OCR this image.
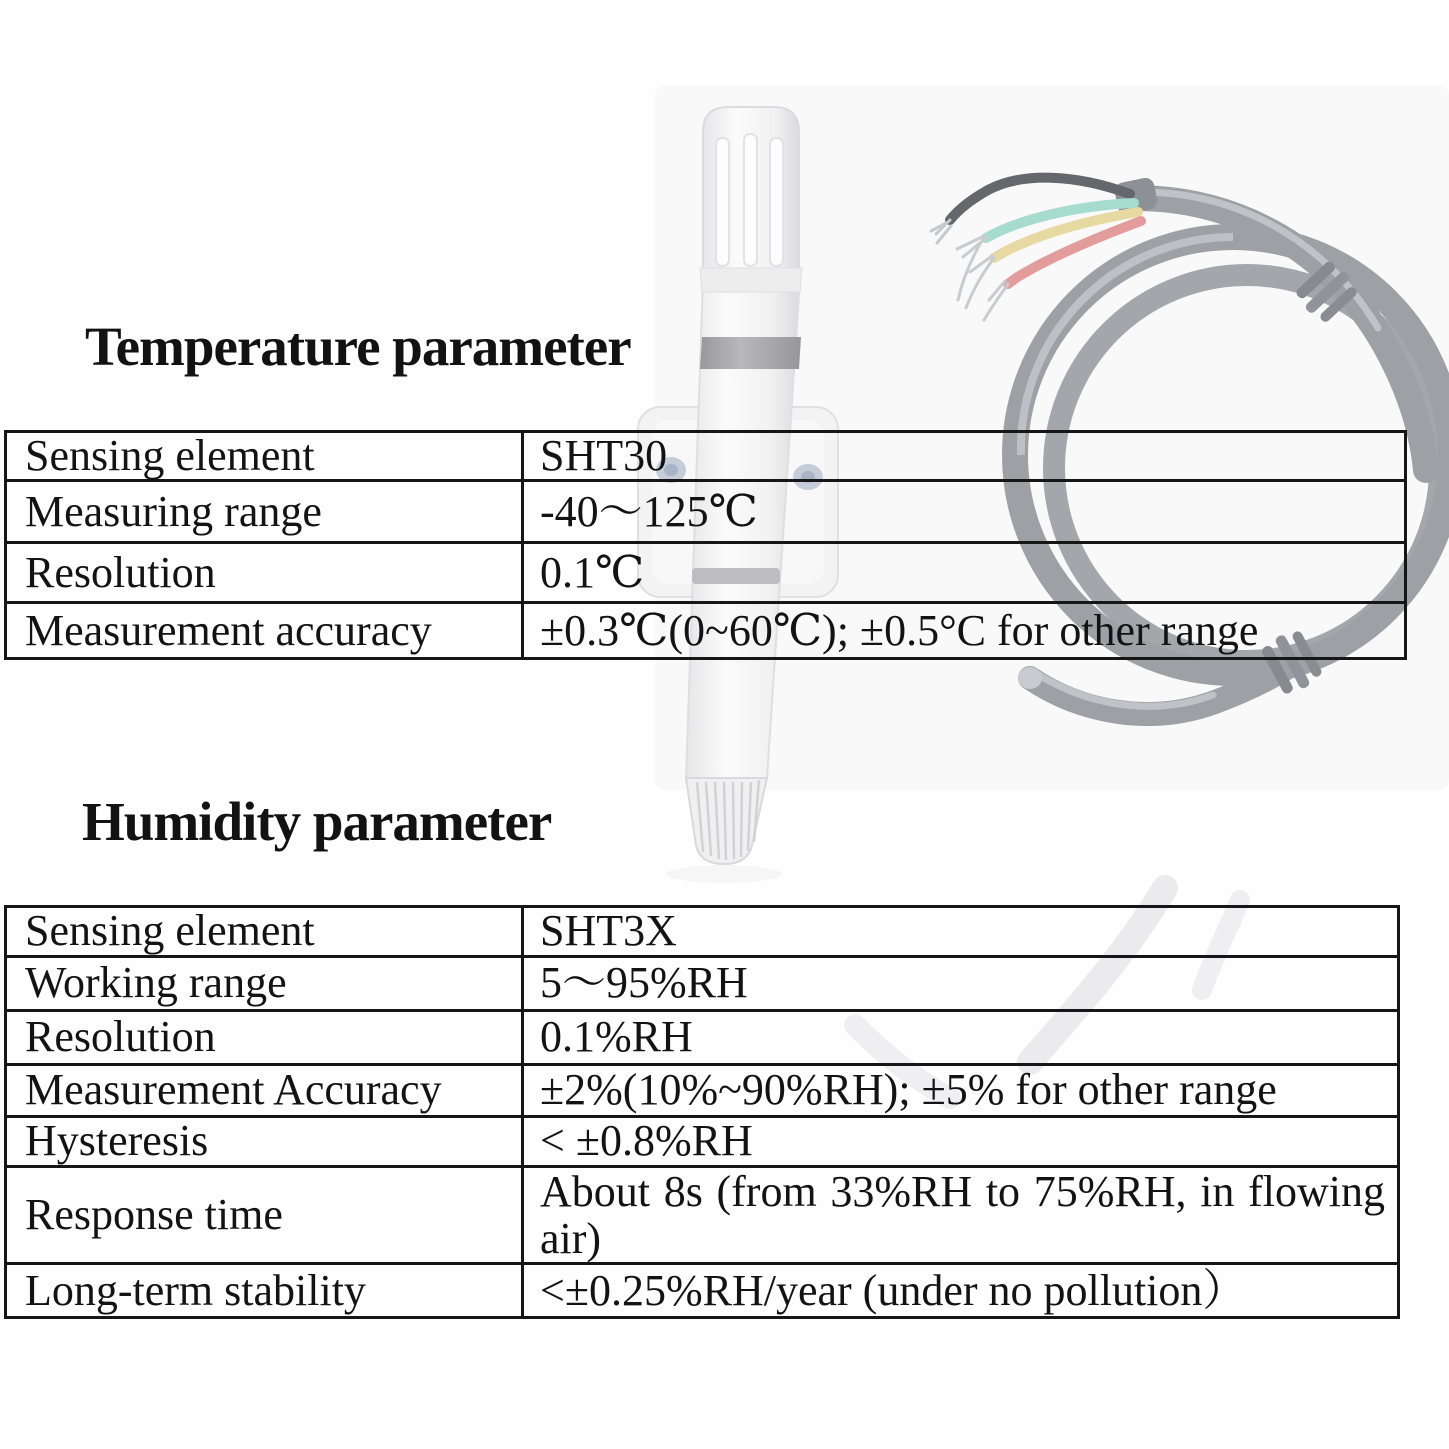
Temperature parameter
Humidity parameter
Sensing element	SHT30
Measuring range	-40～125℃
Resolution	0.1℃
Measurement accuracy	±0.3℃(0~60℃); ±0.5°C for other range
Sensing element	SHT3X
Working range	5～95%RH
Resolution	0.1%RH
Measurement Accuracy	±2%(10%~90%RH); ±5% for other range
Hysteresis	< ±0.8%RH
Response time	About 8s (from 33%RH to 75%RH, in flowing air)
Long-term stability	<±0.25%RH/year (under no pollution）
